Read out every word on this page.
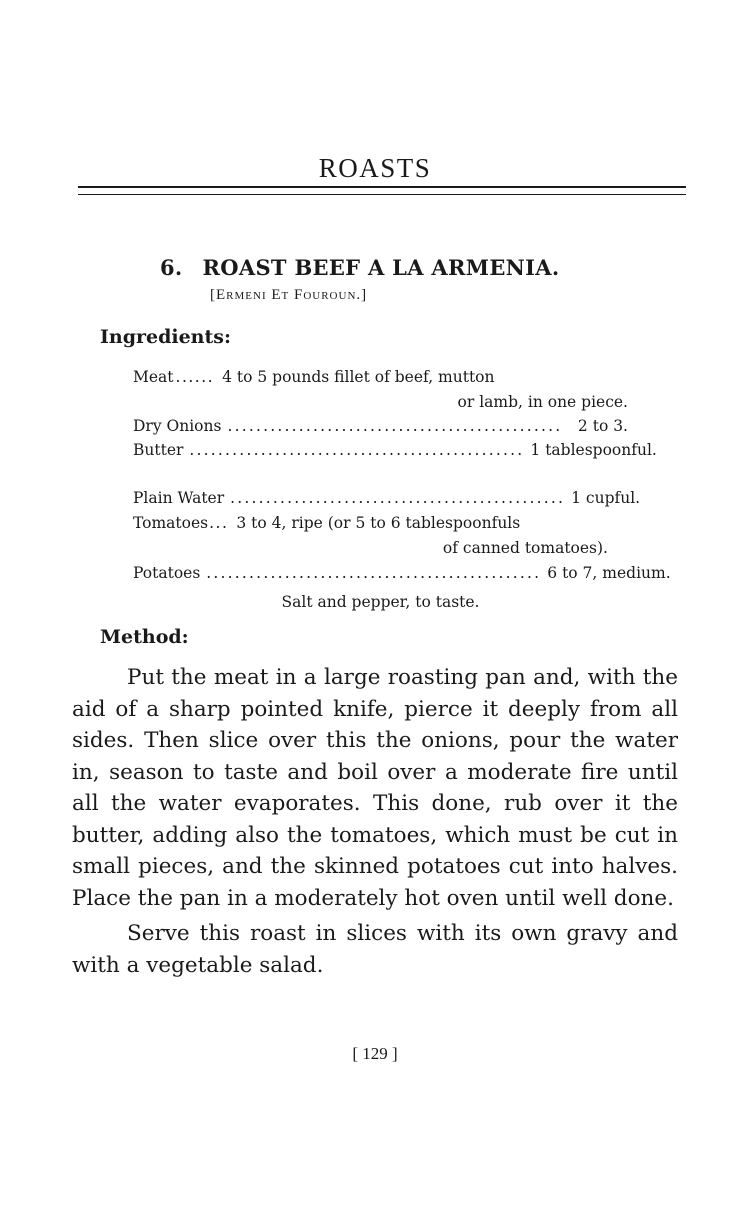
ROASTS
6. ROAST BEEF A LA ARMENIA.
[Ermeni Et Fouroun.]
Ingredients:
Meat ...... 4 to 5 pounds fillet of beef, mutton
or lamb, in one piece.
Dry Onions ...............................................	2 to 3.
Butter ............................................... 1 tablespoonful.
Plain Water ............................................... 1 cupful.
Tomatoes ... 3 to 4, ripe (or 5 to 6 tablespoonfuls
of canned tomatoes).
Potatoes ............................................... 6 to 7, medium.
Salt and pepper, to taste.
Method:

Put the meat in a large roasting pan and, with the aid of a sharp pointed knife, pierce it deeply from all sides. Then slice over this the onions, pour the water in, season to taste and boil over a moderate fire until all the water evaporates. This done, rub over it the butter, adding also the tomatoes, which must be cut in small pieces, and the skinned potatoes cut into halves. Place the pan in a moderately hot oven until well done.

Serve this roast in slices with its own gravy and with a vegetable salad.

[ 129 ]
